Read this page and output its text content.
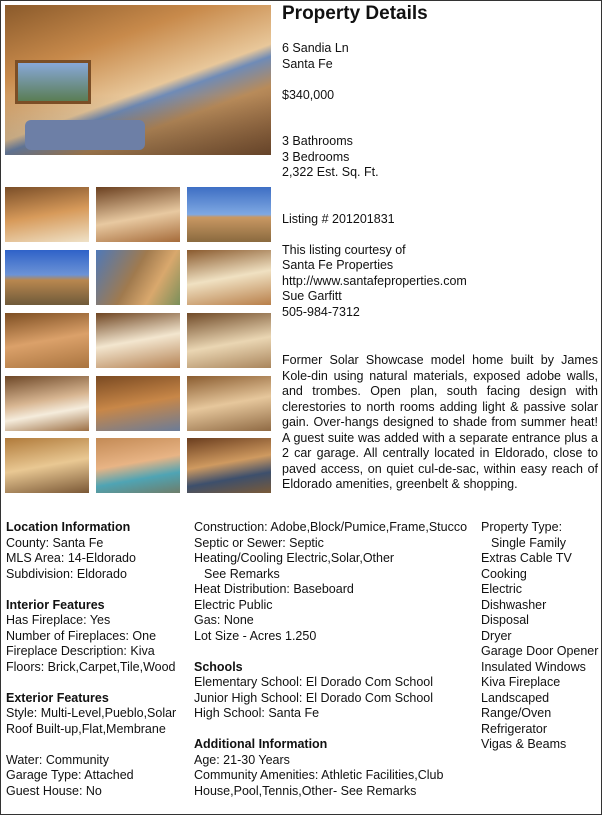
Property Details

6 Sandia Ln

Santa Fe

$340,000

3 Bathrooms

3 Bedrooms

2,322 Est. Sq. Ft.

Listing # 201201831

This listing courtesy of

Santa Fe Properties

http://www.santafeproperties.com

Sue Garfitt

505-984-7312

Former Solar Showcase model home built by James Kole-din using natural materials, exposed adobe walls, and trombes. Open plan, south facing design with clerestories to north rooms adding light & passive solar gain. Over-hangs designed to shade from summer heat! A guest suite was added with a separate entrance plus a 2 car garage. All centrally located in Eldorado, close to paved access, on quiet cul-de-sac, within easy reach of Eldorado amenities, greenbelt & shopping.
Location Information

County: Santa Fe

MLS Area: 14-Eldorado

Subdivision: Eldorado

Interior Features

Has Fireplace: Yes

Number of Fireplaces: One

Fireplace Description: Kiva

Floors: Brick,Carpet,Tile,Wood

Exterior Features

Style: Multi-Level,Pueblo,Solar

Roof Built-up,Flat,Membrane

Water: Community

Garage Type: Attached

Guest House: No

Construction: Adobe,Block/Pumice,Frame,Stucco

Septic or Sewer: Septic

Heating/Cooling Electric,Solar,Other

See Remarks

Heat Distribution: Baseboard

Electric Public

Gas: None

Lot Size - Acres 1.250

Schools

Elementary School: El Dorado Com School

Junior High School: El Dorado Com School

High School: Santa Fe

Additional Information

Age: 21-30 Years

Community Amenities: Athletic Facilities,Club

House,Pool,Tennis,Other- See Remarks

Property Type:

Single Family

Extras Cable TV

Cooking

Electric

Dishwasher

Disposal

Dryer

Garage Door Opener

Insulated Windows

Kiva Fireplace

Landscaped

Range/Oven

Refrigerator

Vigas & Beams
